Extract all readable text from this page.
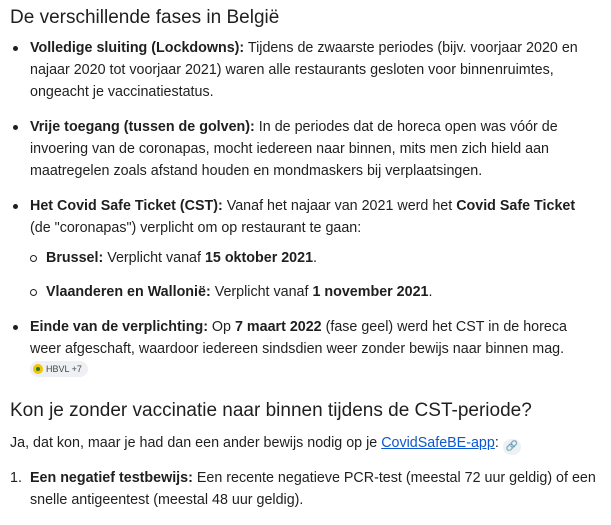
De verschillende fases in België
Volledige sluiting (Lockdowns): Tijdens de zwaarste periodes (bijv. voorjaar 2020 en najaar 2020 tot voorjaar 2021) waren alle restaurants gesloten voor binnenruimtes, ongeacht je vaccinatiestatus.
Vrije toegang (tussen de golven): In de periodes dat de horeca open was vóór de invoering van de coronapas, mocht iedereen naar binnen, mits men zich hield aan maatregelen zoals afstand houden en mondmaskers bij verplaatsingen.
Het Covid Safe Ticket (CST): Vanaf het najaar van 2021 werd het Covid Safe Ticket (de "coronapas") verplicht om op restaurant te gaan:
Brussel: Verplicht vanaf 15 oktober 2021.
Vlaanderen en Wallonië: Verplicht vanaf 1 november 2021.
Einde van de verplichting: Op 7 maart 2022 (fase geel) werd het CST in de horeca weer afgeschaft, waardoor iedereen sindsdien weer zonder bewijs naar binnen mag.
HBVL +7
Kon je zonder vaccinatie naar binnen tijdens de CST-periode?

Ja, dat kon, maar je had dan een ander bewijs nodig op je CovidSafeBE-app: 🔗

1. Een negatief testbewijs: Een recente negatieve PCR-test (meestal 72 uur geldig) of een snelle antigeentest (meestal 48 uur geldig).
